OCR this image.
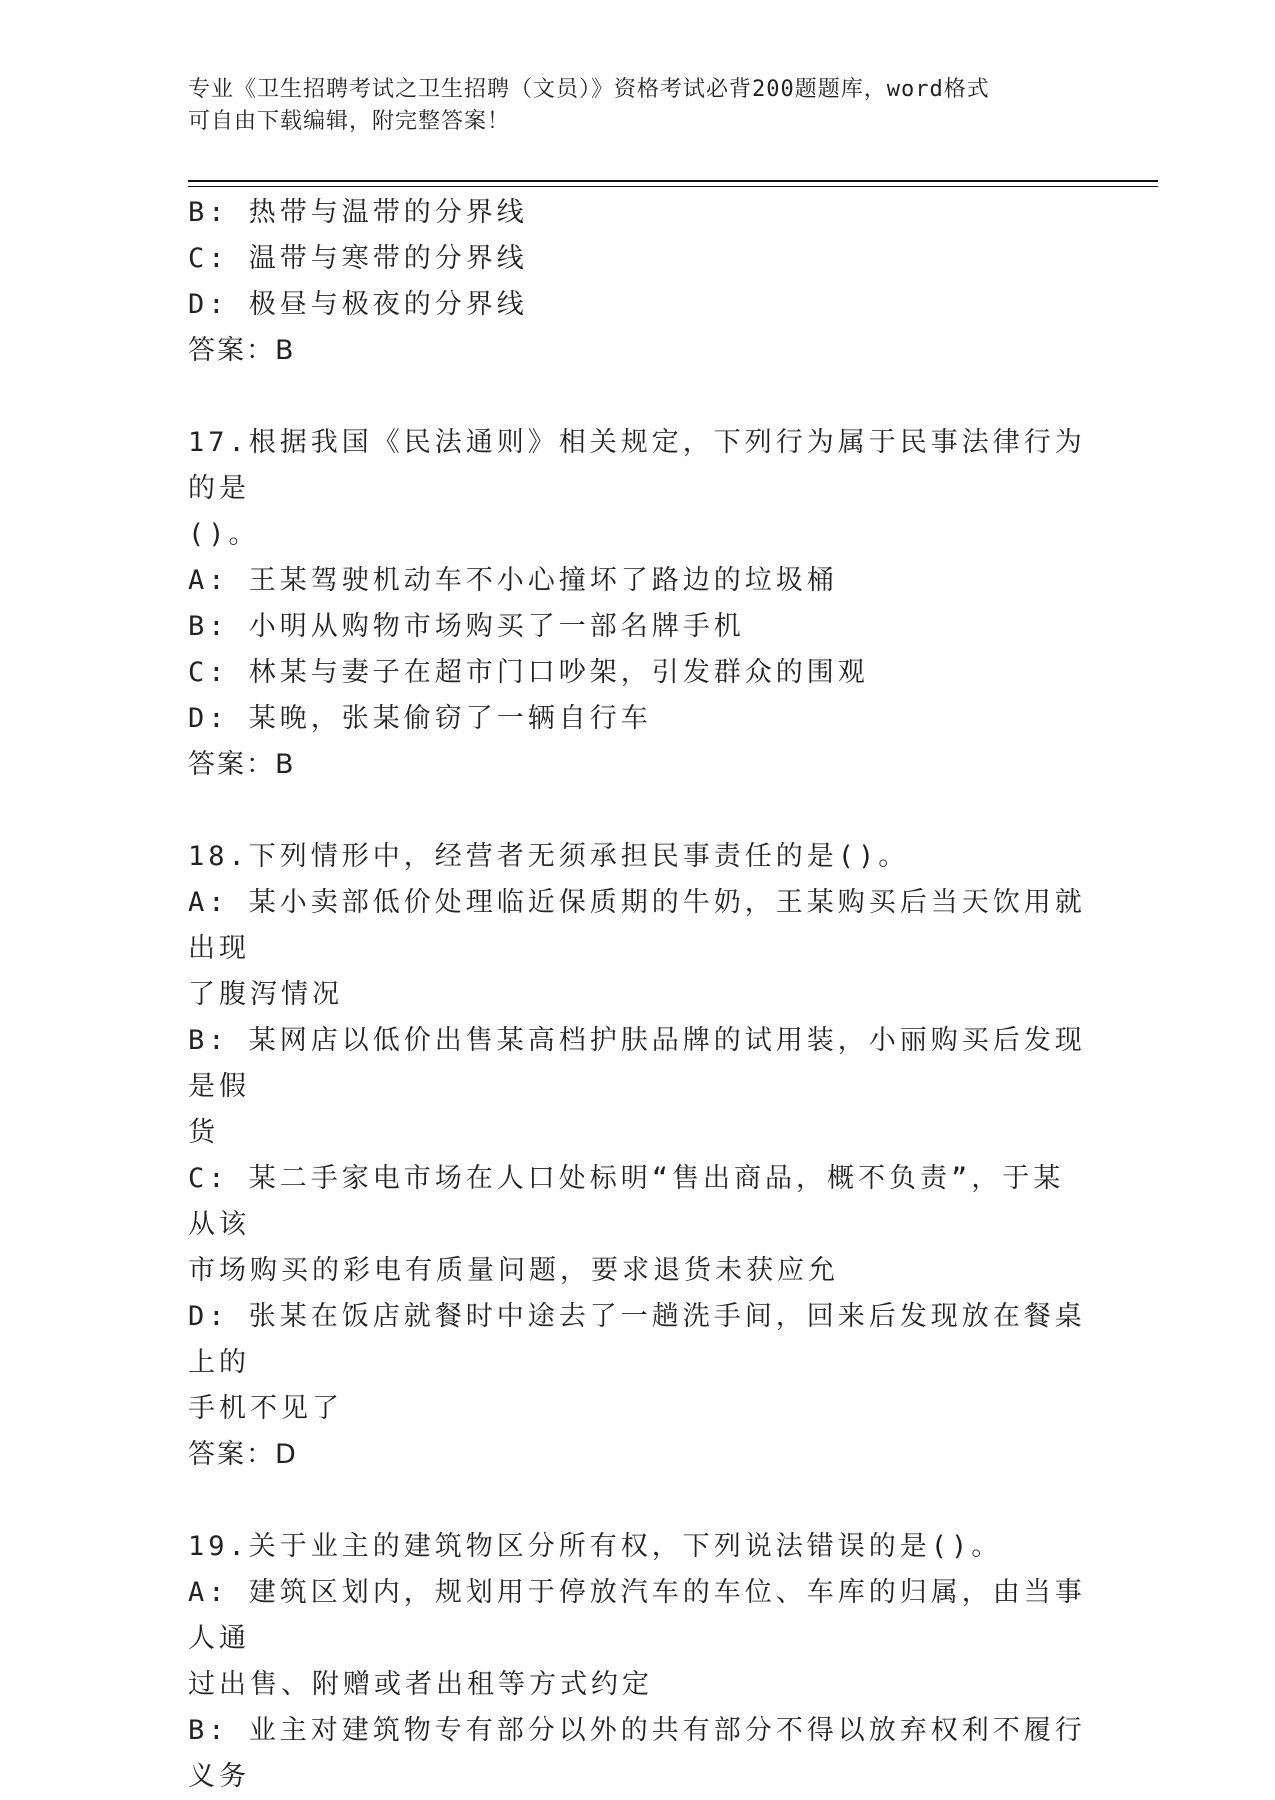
专业《卫生招聘考试之卫生招聘（文员）》资格考试必背200题题库，word格式
可自由下载编辑，附完整答案！
B: 热带与温带的分界线
C: 温带与寒带的分界线
D: 极昼与极夜的分界线
答案：B
17.根据我国《民法通则》相关规定，下列行为属于民事法律行为的是
()。
A: 王某驾驶机动车不小心撞坏了路边的垃圾桶
B: 小明从购物市场购买了一部名牌手机
C: 林某与妻子在超市门口吵架，引发群众的围观
D: 某晚，张某偷窃了一辆自行车
答案：B
18.下列情形中，经营者无须承担民事责任的是()。
A: 某小卖部低价处理临近保质期的牛奶，王某购买后当天饮用就出现
了腹泻情况
B: 某网店以低价出售某高档护肤品牌的试用装，小丽购买后发现是假
货
C: 某二手家电市场在人口处标明“售出商品，概不负责”，于某从该
市场购买的彩电有质量问题，要求退货未获应允
D: 张某在饭店就餐时中途去了一趟洗手间，回来后发现放在餐桌上的
手机不见了
答案：D
19.关于业主的建筑物区分所有权，下列说法错误的是()。
A: 建筑区划内，规划用于停放汽车的车位、车库的归属，由当事人通
过出售、附赠或者出租等方式约定
B: 业主对建筑物专有部分以外的共有部分不得以放弃权利不履行义务
